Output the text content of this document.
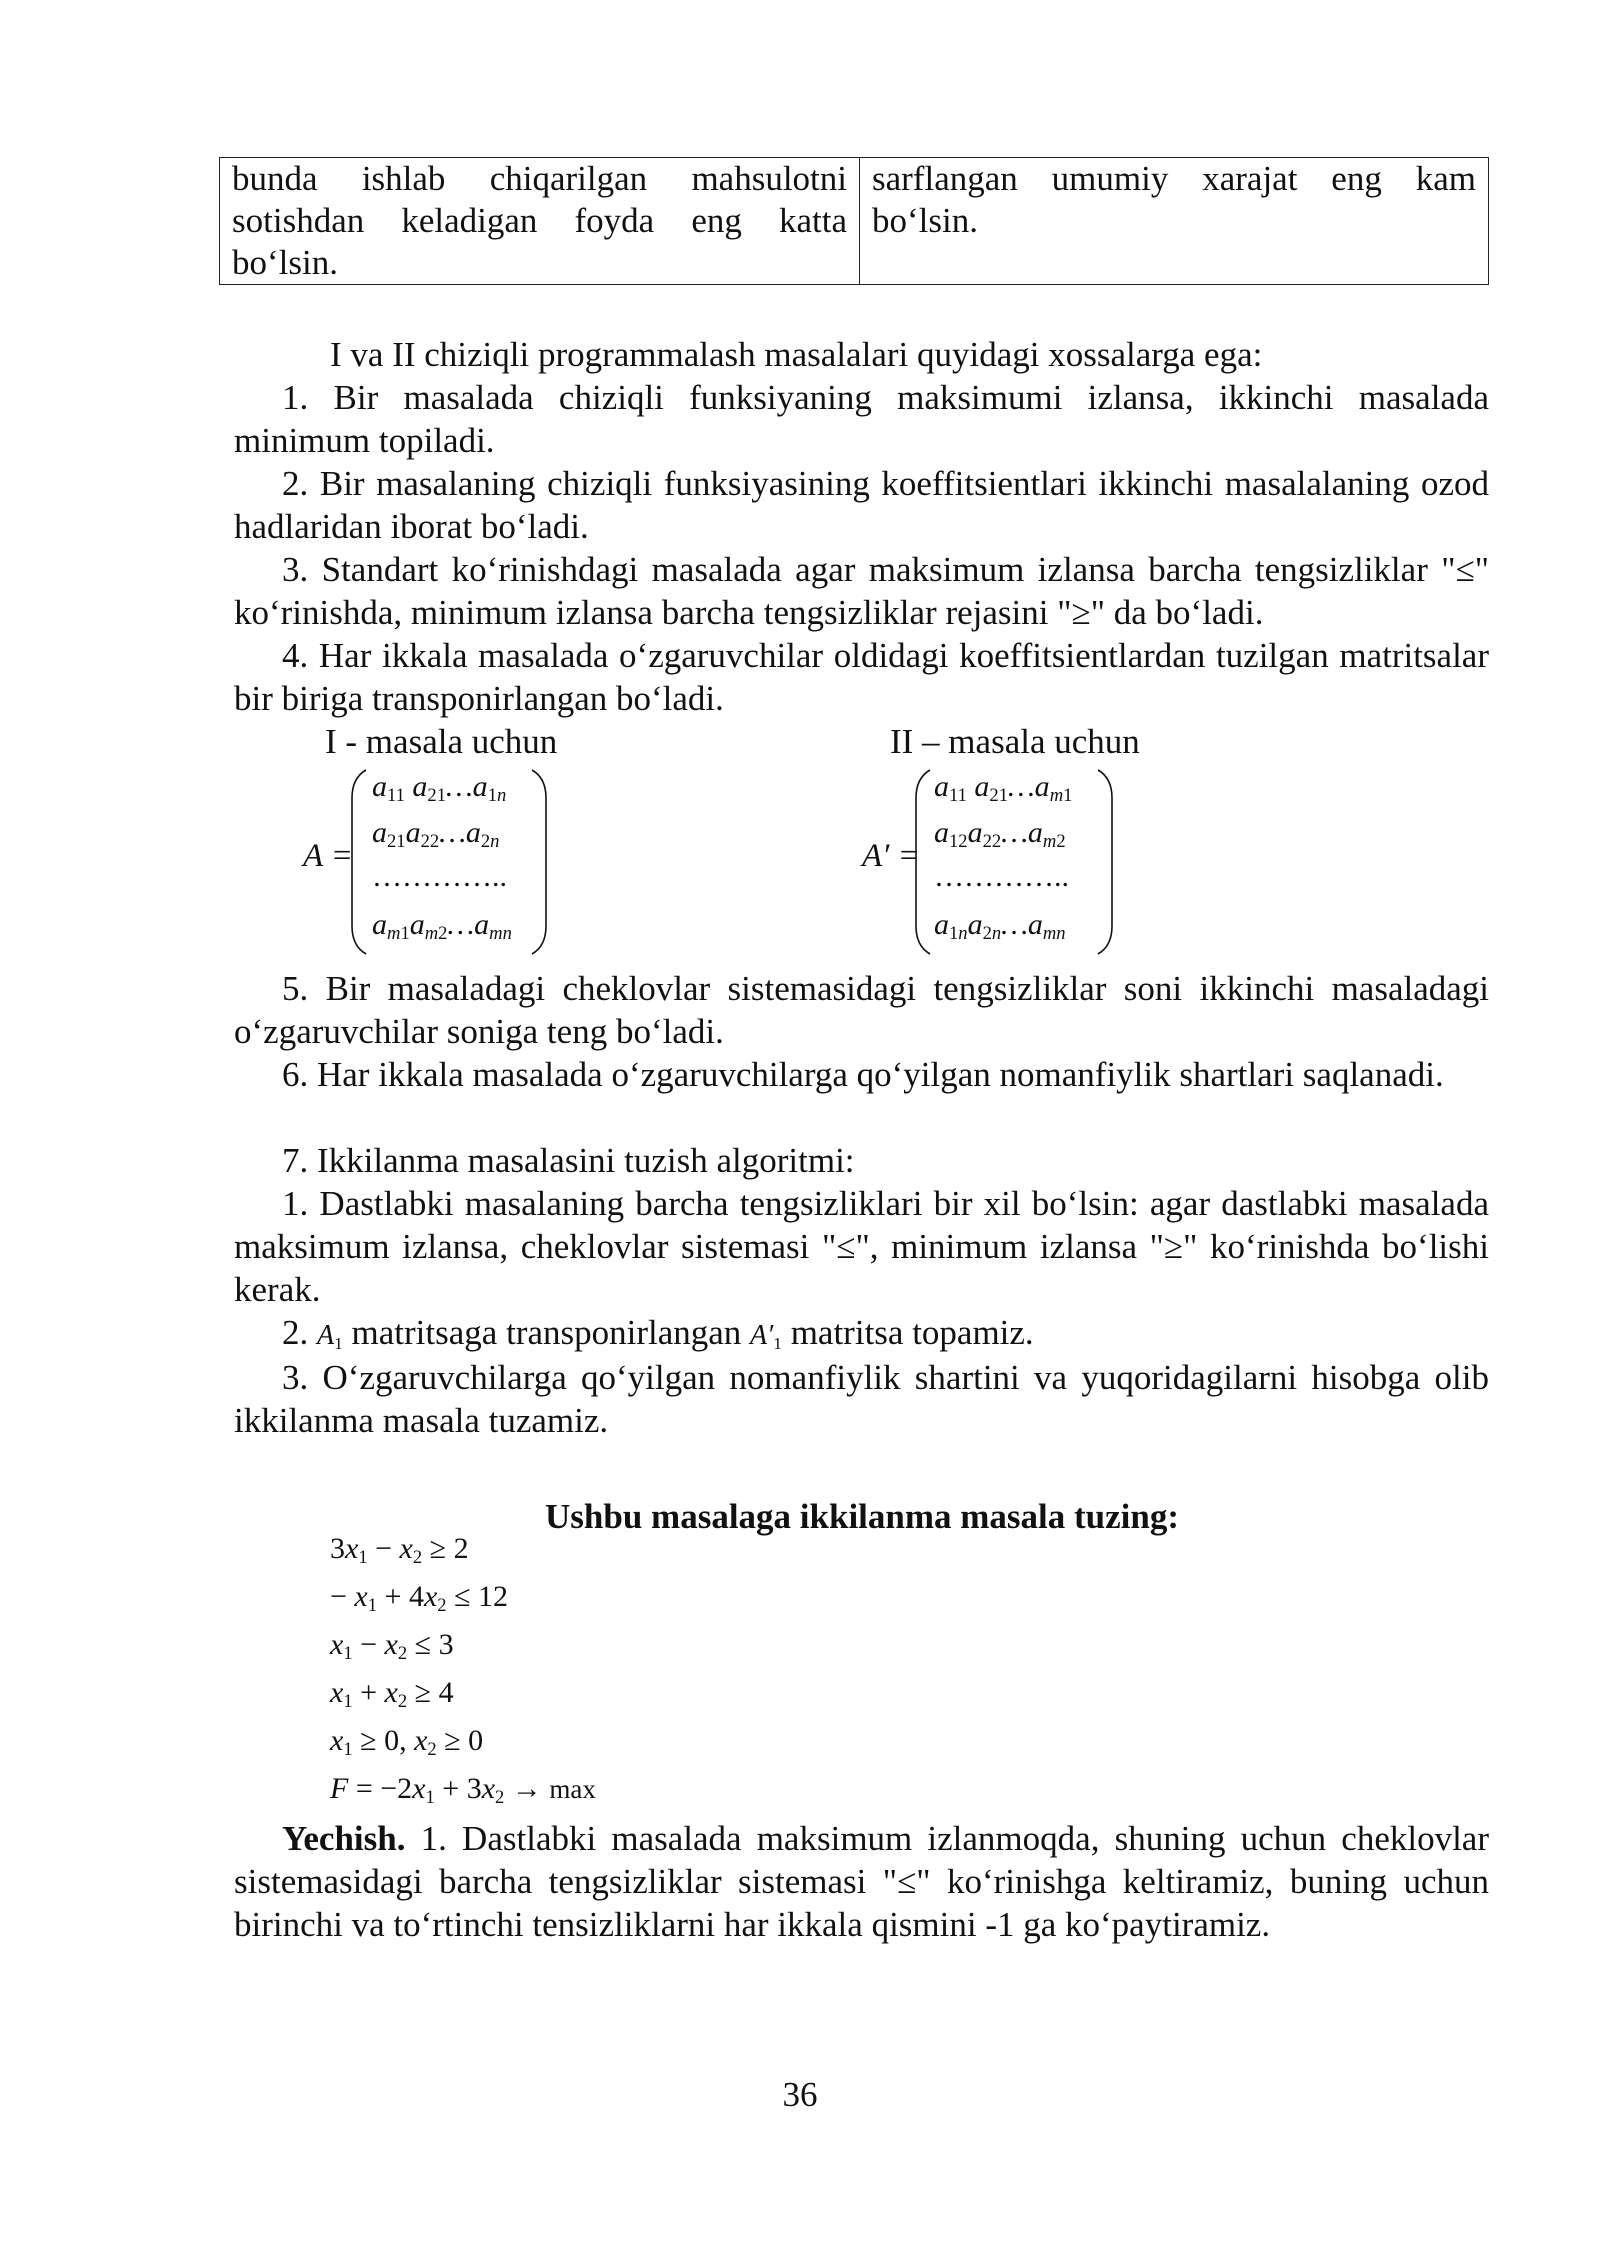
bunda ishlab chiqarilgan mahsulotni sotishdan keladigan foyda eng katta bo‘lsin.
sarflangan umumiy xarajat eng kam bo‘lsin.
I va II chiziqli programmalash masalalari quyidagi xossalarga ega:
1. Bir masalada chiziqli funksiyaning maksimumi izlansa, ikkinchi masalada minimum topiladi.
2. Bir masalaning chiziqli funksiyasining koeffitsientlari ikkinchi masalalaning ozod hadlaridan iborat bo‘ladi.
3. Standart ko‘rinishdagi masalada agar maksimum izlansa barcha tengsizliklar "≤" ko‘rinishda, minimum izlansa barcha tengsizliklar rejasini "≥" da bo‘ladi.
4. Har ikkala masalada o‘zgaruvchilar oldidagi koeffitsientlardan tuzilgan matritsalar bir biriga transponirlangan bo‘ladi.
I - masala uchun	II – masala uchun
A =
$a_{11}$ $a_{21}\dots a1n$
$a_{21}a_{22}\dots a2n$
…………..
am1am2…amn
A′ =
$a_{11}$ $a_{21}\dots am1$
$a_{12}a_{22}\dots am2$
…………..
a1na2n…amn
5. Bir masaladagi cheklovlar sistemasidagi tengsizliklar soni ikkinchi masaladagi o‘zgaruvchilar soniga teng bo‘ladi.
6. Har ikkala masalada o‘zgaruvchilarga qo‘yilgan nomanfiylik shartlari saqlanadi.
7. Ikkilanma masalasini tuzish algoritmi:
1. Dastlabki masalaning barcha tengsizliklari bir xil bo‘lsin: agar dastlabki masalada maksimum izlansa, cheklovlar sistemasi "≤", minimum izlansa "≥" ko‘rinishda bo‘lishi kerak.
2. $A_1$ matritsaga transponirlangan $A'_1$ matritsa topamiz.
3. O‘zgaruvchilarga qo‘yilgan nomanfiylik shartini va yuqoridagilarni hisobga olib ikkilanma masala tuzamiz.
Ushbu masalaga ikkilanma masala tuzing:
$3x_1 - x_2 \ge 2$
− $x_1 + 4x_2 \le 12$
$x_1 - x_2 \le 3$
$x_1 + x_2 \ge 4$
$x_1 \ge 0$, $x_2 \ge 0$
$F = -2x_1 + 3x_2 \to \max$
Yechish. 1. Dastlabki masalada maksimum izlanmoqda, shuning uchun cheklovlar sistemasidagi barcha tengsizliklar sistemasi "≤" ko‘rinishga keltiramiz, buning uchun birinchi va to‘rtinchi tensizliklarni har ikkala qismini -1 ga ko‘paytiramiz.
36
